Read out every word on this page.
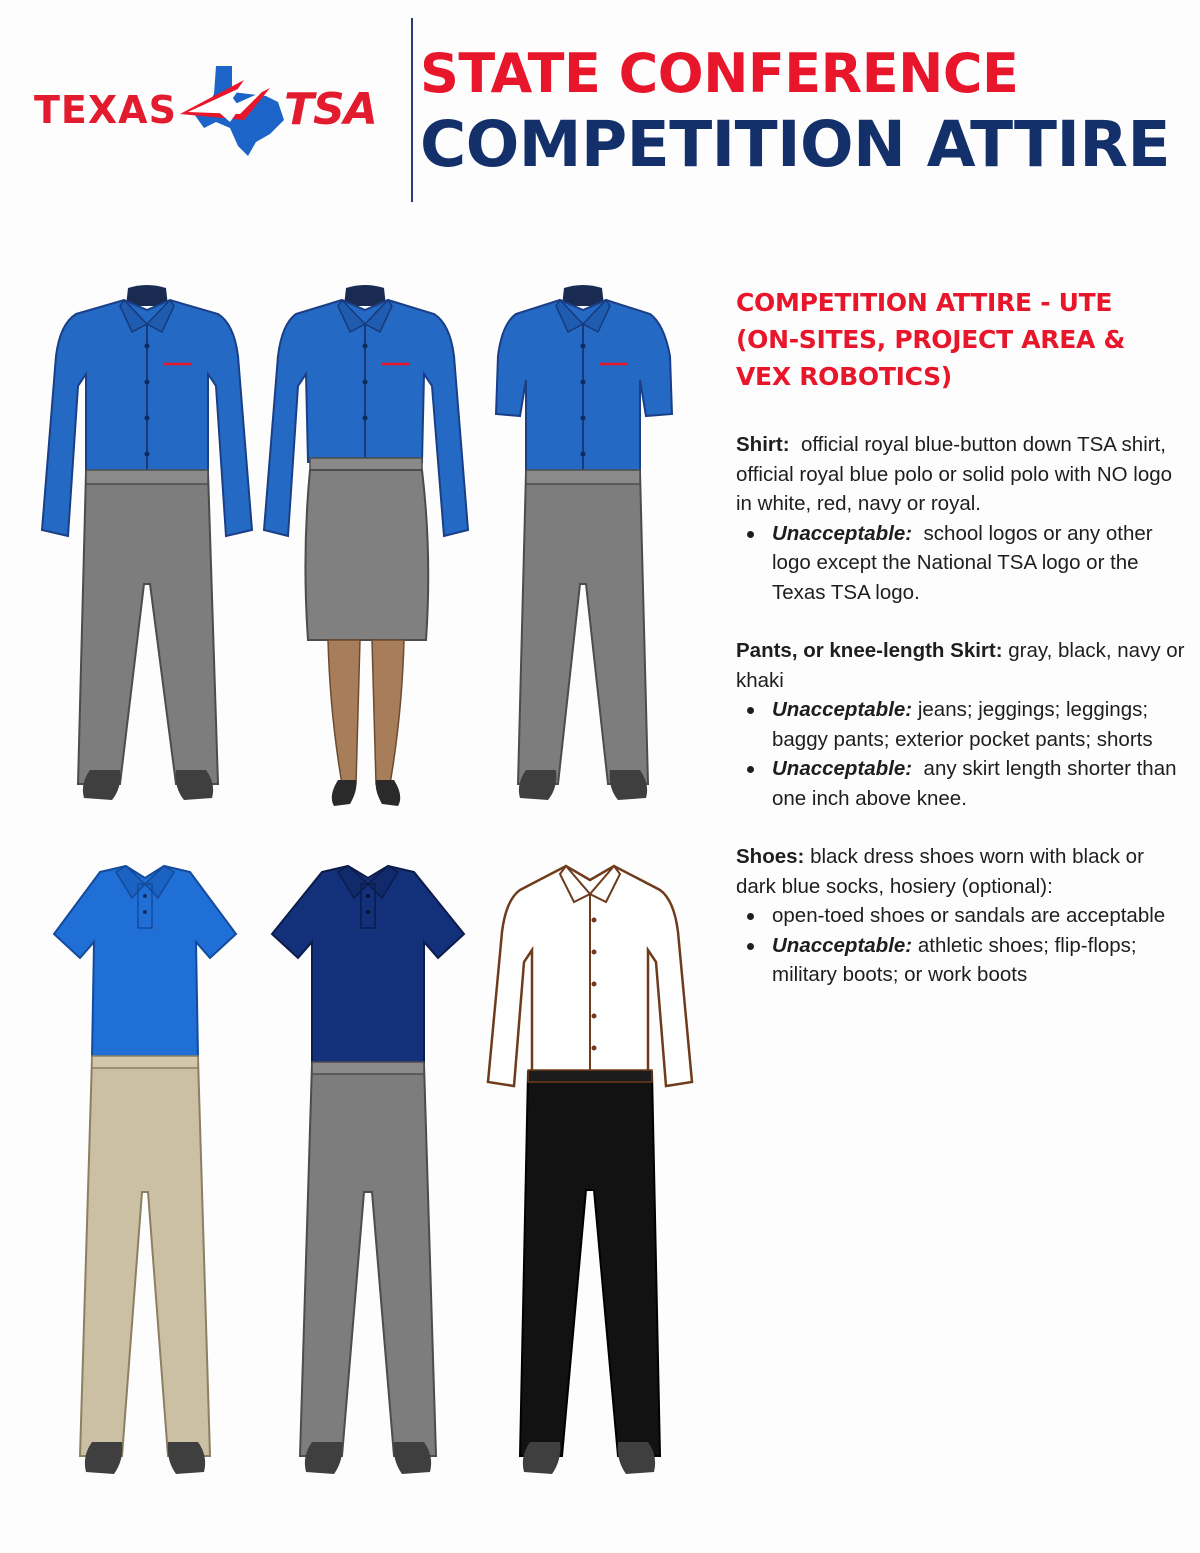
TEXAS TSA
STATE CONFERENCE
COMPETITION ATTIRE
COMPETITION ATTIRE - UTE
(ON-SITES, PROJECT AREA &
VEX ROBOTICS)

Shirt: official royal blue-button down TSA shirt, official royal blue polo or solid polo with NO logo in white, red, navy or royal.

Unacceptable: school logos or any other logo except the National TSA logo or the Texas TSA logo.

Pants, or knee-length Skirt: gray, black, navy or khaki

Unacceptable: jeans; jeggings; leggings; baggy pants; exterior pocket pants; shorts
Unacceptable: any skirt length shorter than one inch above knee.

Shoes: black dress shoes worn with black or dark blue socks, hosiery (optional):

open-toed shoes or sandals are acceptable
Unacceptable: athletic shoes; flip-flops; military boots; or work boots
